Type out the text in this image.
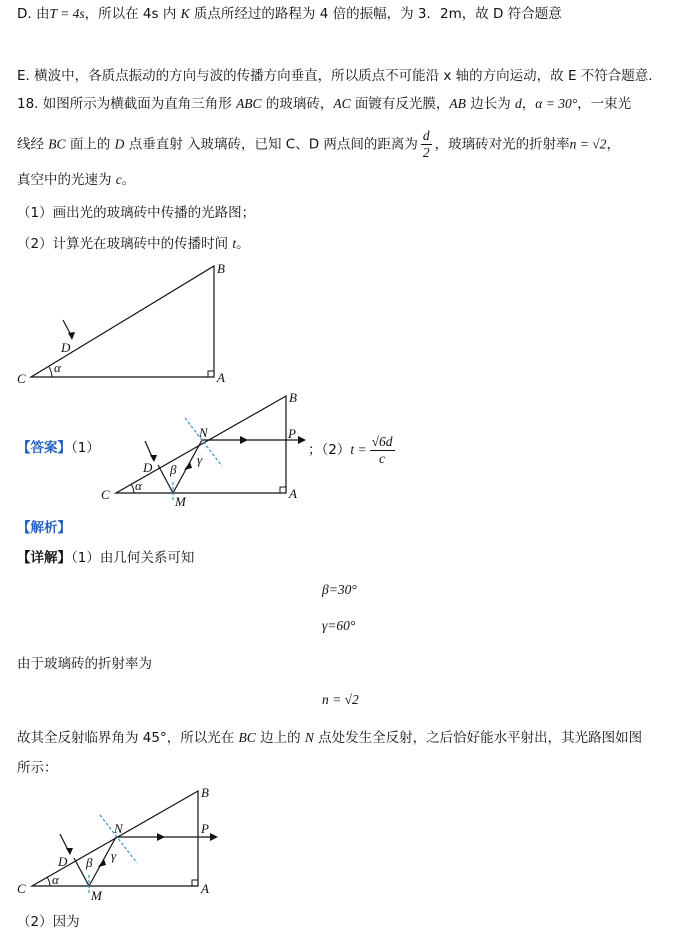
D. 由T = 4s，所以在 4s 内 K 质点所经过的路程为 4 倍的振幅，为 3．2m，故 D 符合题意
E. 横波中，各质点振动的方向与波的传播方向垂直，所以质点不可能沿 x 轴的方向运动，故 E 不符合题意．
18. 如图所示为横截面为直角三角形 ABC 的玻璃砖，AC 面镀有反光膜，AB 边长为 d，α = 30°，一束光
线经 BC 面上的 D 点垂直射 入玻璃砖，已知 C、D 两点间的距离为 $\frac{d}{2}$ ，玻璃砖对光的折射率n = √2，
真空中的光速为 c。
（1）画出光的玻璃砖中传播的光路图；
（2）计算光在玻璃砖中的传播时间 t。
B
A
C
D
α
【答案】（1）
B
A
P
C
D
M
N
α
β
γ
；$(2)t = \frac{√6d}{c}$
【解析】
【详解】（1）由几何关系可知
β=30°
γ=60°
由于玻璃砖的折射率为
n = √2
故其全反射临界角为 45°，所以光在 BC 边上的 N 点处发生全反射，之后恰好能水平射出，其光路图如图
所示：
B
A
P
C
D
M
N
α
β γ
（2）因为
